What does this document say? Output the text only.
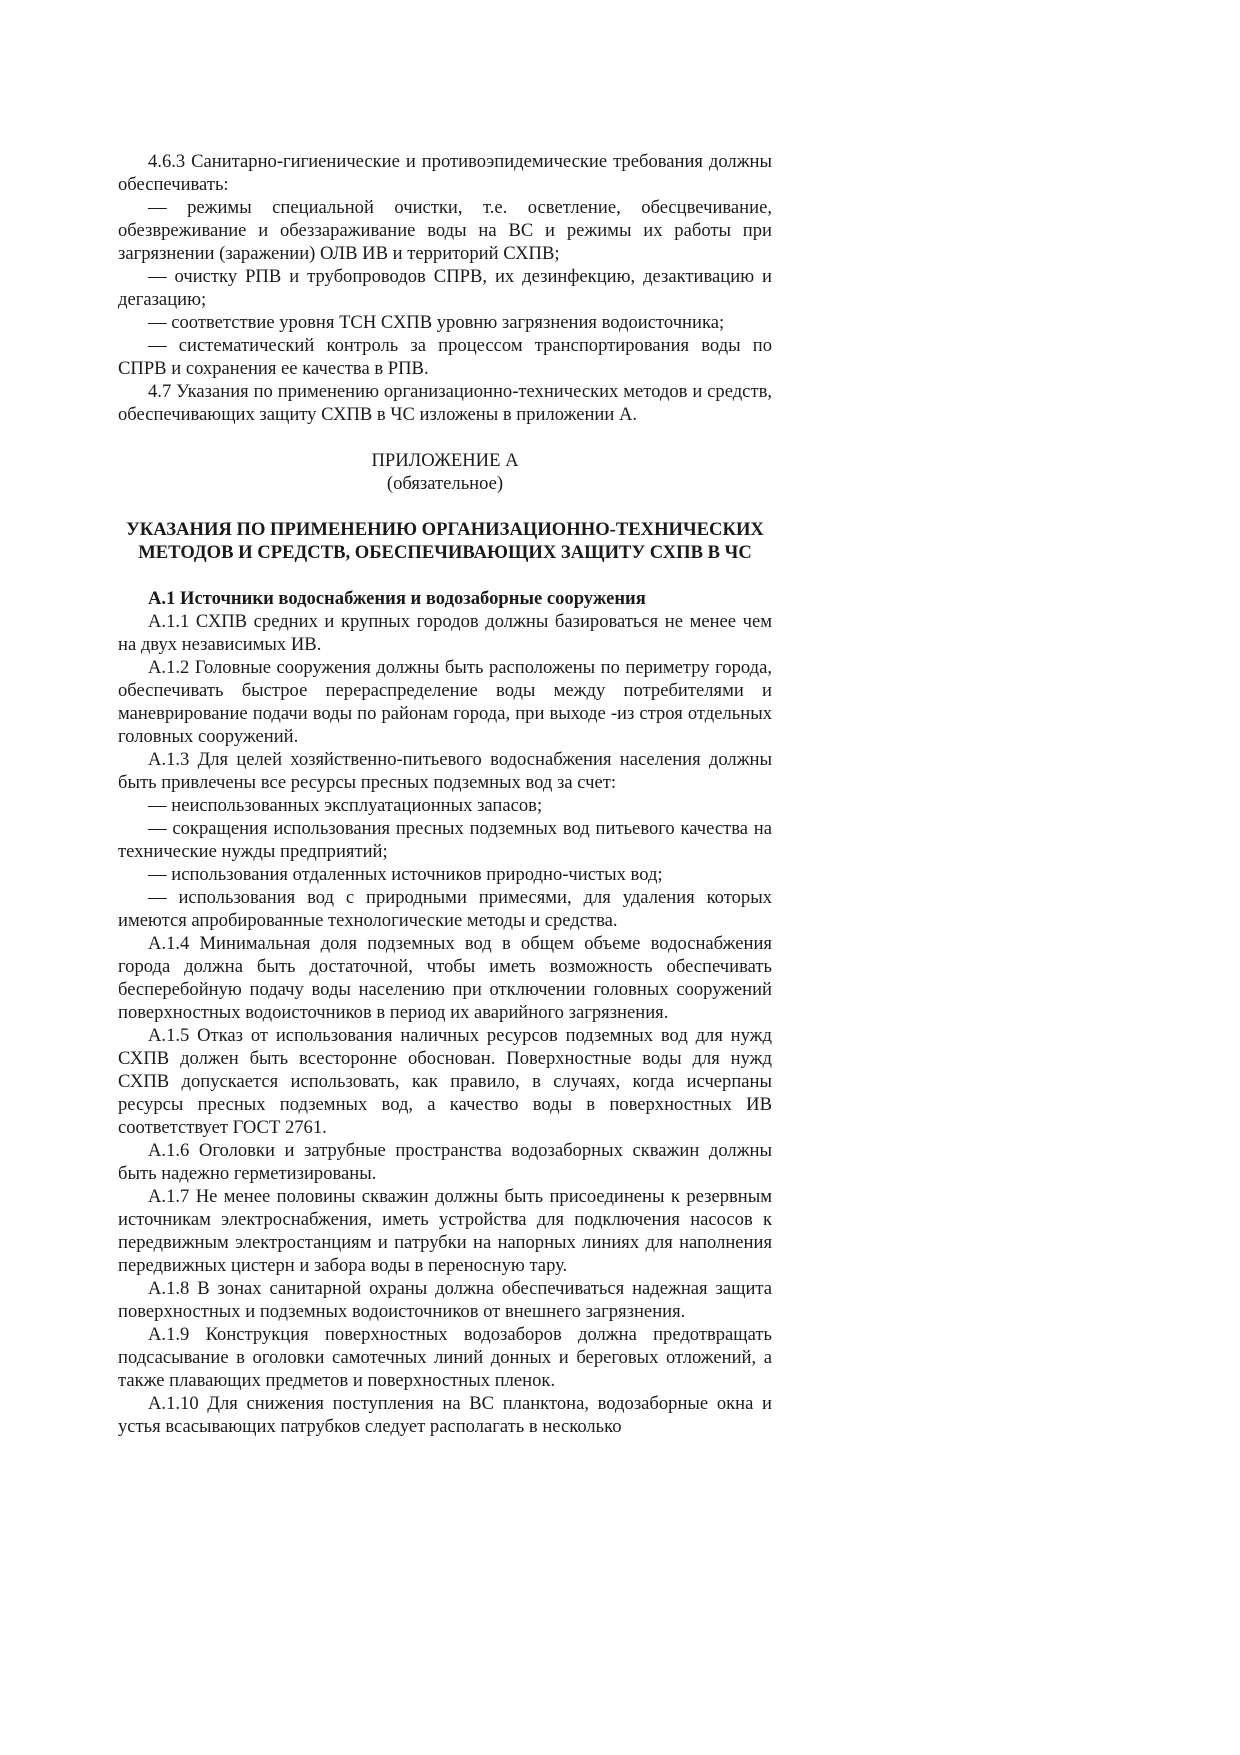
4.6.3 Санитарно-гигиенические и противоэпидемические требования должны обеспечивать:

— режимы специальной очистки, т.е. осветление, обесцвечивание, обезвреживание и обеззараживание воды на ВС и режимы их работы при загрязнении (заражении) ОЛВ ИВ и территорий СХПВ;

— очистку РПВ и трубопроводов СПРВ, их дезинфекцию, дезактивацию и дегазацию;

— соответствие уровня ТСН СХПВ уровню загрязнения водоисточника;

— систематический контроль за процессом транспортирования воды по СПРВ и сохранения ее качества в РПВ.

4.7 Указания по применению организационно-технических методов и средств, обеспечивающих защиту СХПВ в ЧС изложены в приложении А.

ПРИЛОЖЕНИЕ А

(обязательное)

УКАЗАНИЯ ПО ПРИМЕНЕНИЮ ОРГАНИЗАЦИОННО-ТЕХНИЧЕСКИХ МЕТОДОВ И СРЕДСТВ, ОБЕСПЕЧИВАЮЩИХ ЗАЩИТУ СХПВ В ЧС

А.1 Источники водоснабжения и водозаборные сооружения

А.1.1 СХПВ средних и крупных городов должны базироваться не менее чем на двух независимых ИВ.

А.1.2 Головные сооружения должны быть расположены по периметру города, обеспечивать быстрое перераспределение воды между потребителями и маневрирование подачи воды по районам города, при выходе -из строя отдельных головных сооружений.

А.1.3 Для целей хозяйственно-питьевого водоснабжения населения должны быть привлечены все ресурсы пресных подземных вод за счет:

— неиспользованных эксплуатационных запасов;

— сокращения использования пресных подземных вод питьевого качества на технические нужды предприятий;

— использования отдаленных источников природно-чистых вод;

— использования вод с природными примесями, для удаления которых имеются апробированные технологические методы и средства.

А.1.4 Минимальная доля подземных вод в общем объеме водоснабжения города должна быть достаточной, чтобы иметь возможность обеспечивать бесперебойную подачу воды населению при отключении головных сооружений поверхностных водоисточников в период их аварийного загрязнения.

А.1.5 Отказ от использования наличных ресурсов подземных вод для нужд СХПВ должен быть всесторонне обоснован. Поверхностные воды для нужд СХПВ допускается использовать, как правило, в случаях, когда исчерпаны ресурсы пресных подземных вод, а качество воды в поверхностных ИВ соответствует ГОСТ 2761.

А.1.6 Оголовки и затрубные пространства водозаборных скважин должны быть надежно герметизированы.

А.1.7 Не менее половины скважин должны быть присоединены к резервным источникам электроснабжения, иметь устройства для подключения насосов к передвижным электростанциям и патрубки на напорных линиях для наполнения передвижных цистерн и забора воды в переносную тару.

А.1.8 В зонах санитарной охраны должна обеспечиваться надежная защита поверхностных и подземных водоисточников от внешнего загрязнения.

А.1.9 Конструкция поверхностных водозаборов должна предотвращать подсасывание в оголовки самотечных линий донных и береговых отложений, а также плавающих предметов и поверхностных пленок.

А.1.10 Для снижения поступления на ВС планктона, водозаборные окна и устья всасывающих патрубков следует располагать в несколько
